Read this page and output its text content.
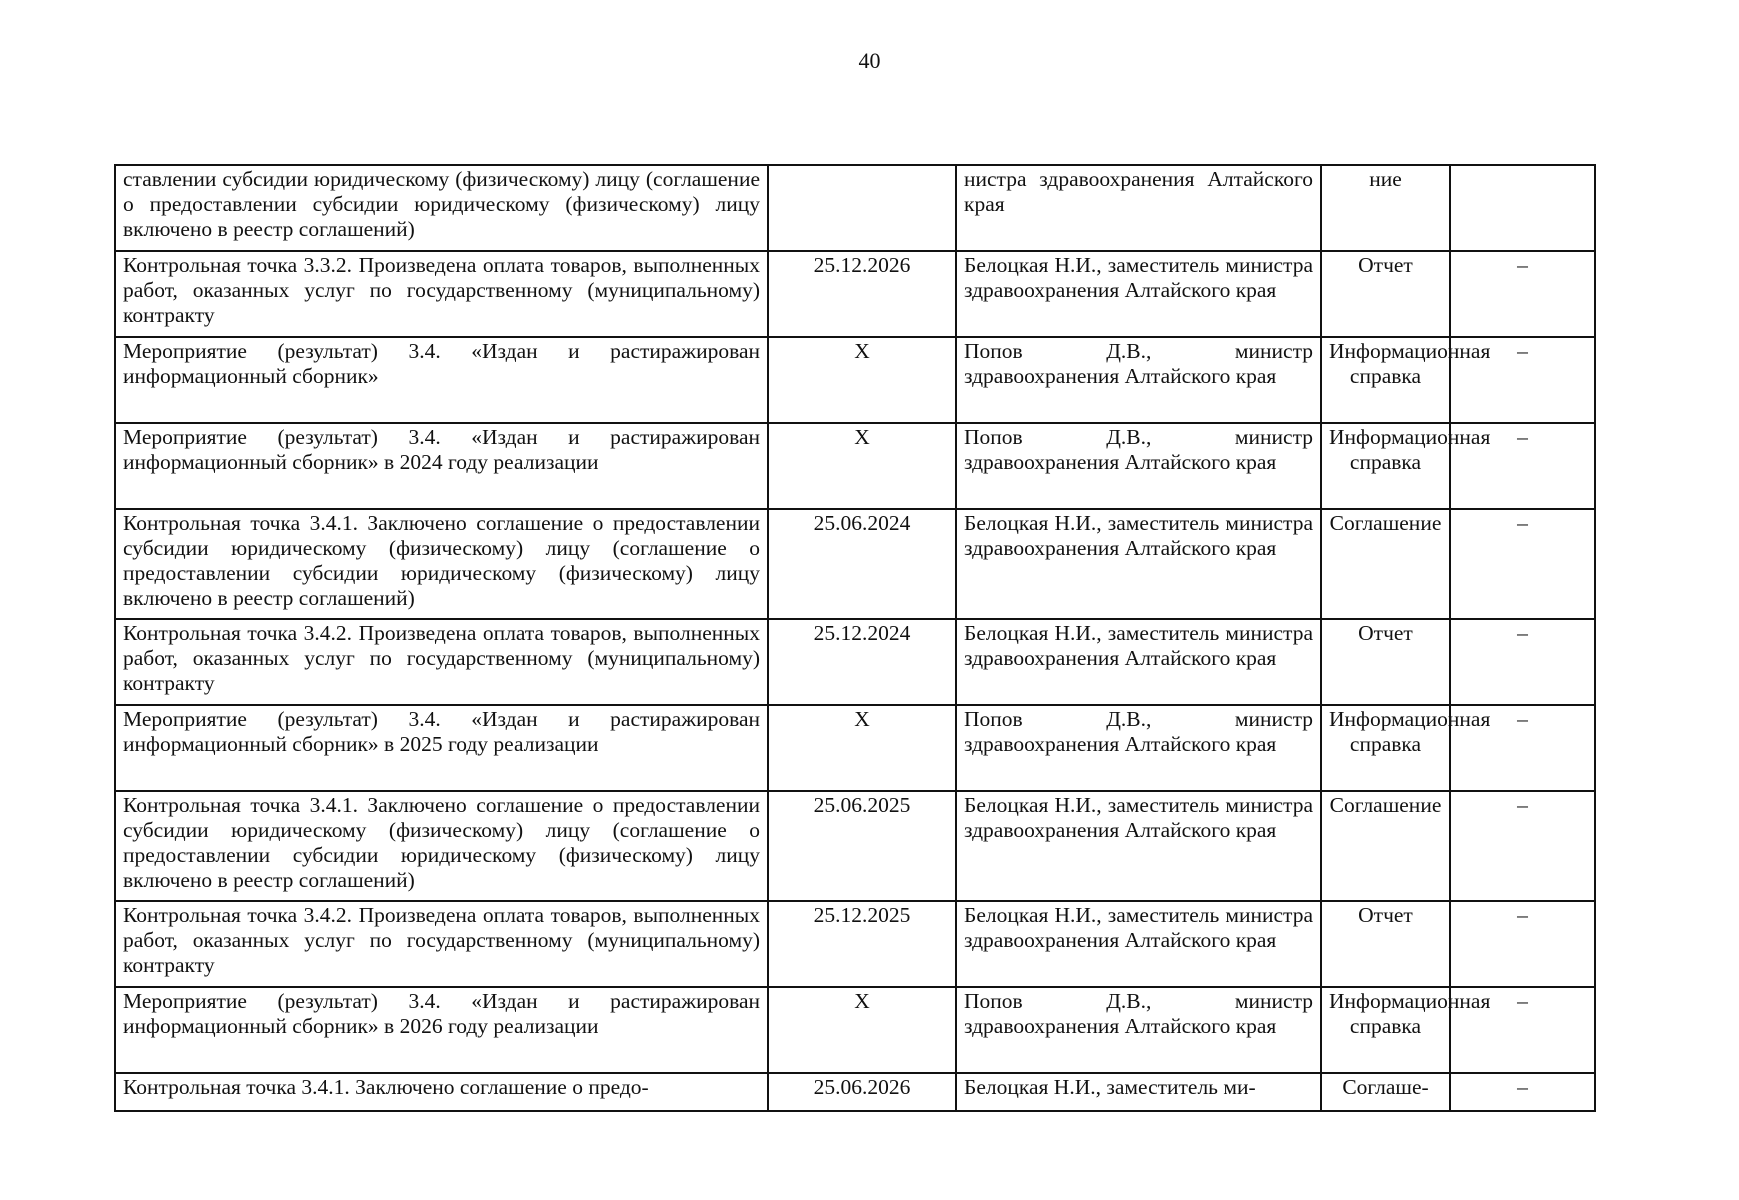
40
ставлении субсидии юридическому (физическому) лицу (соглашение о предоставлении субсидии юридическому (физическому) лицу включено в реестр соглашений)		нистра здравоохранения Алтайского края	ние	
Контрольная точка 3.3.2. Произведена оплата товаров, выполненных работ, оказанных услуг по государственному (муниципальному) контракту	25.12.2026	Белоцкая Н.И., заместитель министра здравоохранения Алтайского края	Отчет	–
Мероприятие (результат) 3.4. «Издан и растиражирован информационный сборник»	X	Попов Д.В., министр здравоохранения Алтайского края	Информационная справка	–
Мероприятие (результат) 3.4. «Издан и растиражирован информационный сборник» в 2024 году реализации	X	Попов Д.В., министр здравоохранения Алтайского края	Информационная справка	–
Контрольная точка 3.4.1. Заключено соглашение о предоставлении субсидии юридическому (физическому) лицу (соглашение о предоставлении субсидии юридическому (физическому) лицу включено в реестр соглашений)	25.06.2024	Белоцкая Н.И., заместитель министра здравоохранения Алтайского края	Соглашение	–
Контрольная точка 3.4.2. Произведена оплата товаров, выполненных работ, оказанных услуг по государственному (муниципальному) контракту	25.12.2024	Белоцкая Н.И., заместитель министра здравоохранения Алтайского края	Отчет	–
Мероприятие (результат) 3.4. «Издан и растиражирован информационный сборник» в 2025 году реализации	X	Попов Д.В., министр здравоохранения Алтайского края	Информационная справка	–
Контрольная точка 3.4.1. Заключено соглашение о предоставлении субсидии юридическому (физическому) лицу (соглашение о предоставлении субсидии юридическому (физическому) лицу включено в реестр соглашений)	25.06.2025	Белоцкая Н.И., заместитель министра здравоохранения Алтайского края	Соглашение	–
Контрольная точка 3.4.2. Произведена оплата товаров, выполненных работ, оказанных услуг по государственному (муниципальному) контракту	25.12.2025	Белоцкая Н.И., заместитель министра здравоохранения Алтайского края	Отчет	–
Мероприятие (результат) 3.4. «Издан и растиражирован информационный сборник» в 2026 году реализации	X	Попов Д.В., министр здравоохранения Алтайского края	Информационная справка	–
Контрольная точка 3.4.1. Заключено соглашение о предо-	25.06.2026	Белоцкая Н.И., заместитель ми-	Соглаше-	–
